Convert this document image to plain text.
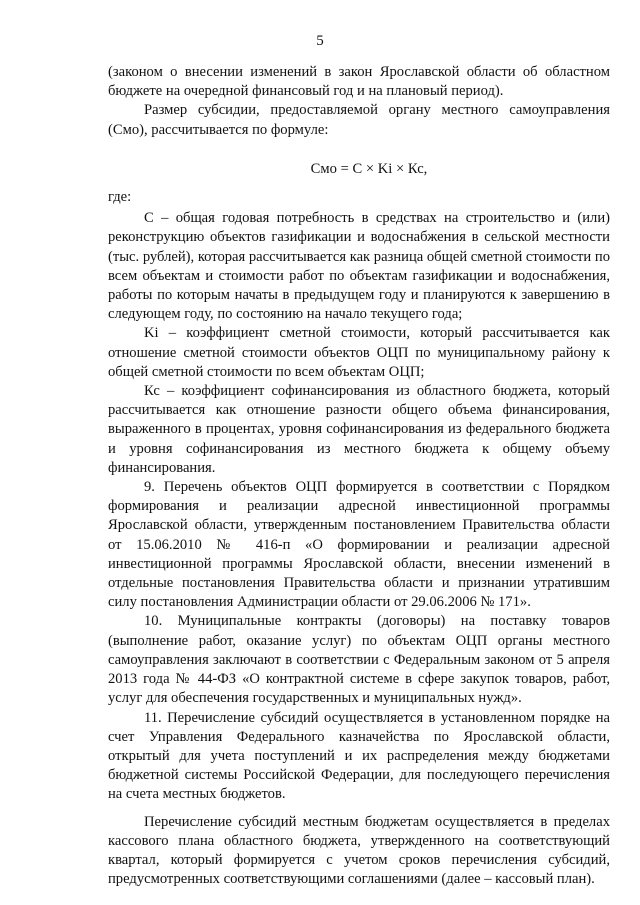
5

(законом о внесении изменений в закон Ярославской области об областном бюджете на очередной финансовый год и на плановый период).

Размер субсидии, предоставляемой органу местного самоуправления (Смо), рассчитывается по формуле:

Смо = С × Ki × Кс,

где:

С – общая годовая потребность в средствах на строительство и (или) реконструкцию объектов газификации и водоснабжения в сельской местности (тыс. рублей), которая рассчитывается как разница общей сметной стоимости по всем объектам и стоимости работ по объектам газификации и водоснабжения, работы по которым начаты в предыдущем году и планируются к завершению в следующем году, по состоянию на начало текущего года;

Ki – коэффициент сметной стоимости, который рассчитывается как отношение сметной стоимости объектов ОЦП по муниципальному району к общей сметной стоимости по всем объектам ОЦП;

Кс – коэффициент софинансирования из областного бюджета, который рассчитывается как отношение разности общего объема финансирования, выраженного в процентах, уровня софинансирования из федерального бюджета и уровня софинансирования из местного бюджета к общему объему финансирования.

9. Перечень объектов ОЦП формируется в соответствии с Порядком формирования и реализации адресной инвестиционной программы Ярославской области, утвержденным постановлением Правительства области от 15.06.2010 № 416-п «О формировании и реализации адресной инвестиционной программы Ярославской области, внесении изменений в отдельные постановления Правительства области и признании утратившим силу постановления Администрации области от 29.06.2006 № 171».

10. Муниципальные контракты (договоры) на поставку товаров (выполнение работ, оказание услуг) по объектам ОЦП органы местного самоуправления заключают в соответствии с Федеральным законом от 5 апреля 2013 года № 44-ФЗ «О контрактной системе в сфере закупок товаров, работ, услуг для обеспечения государственных и муниципальных нужд».

11. Перечисление субсидий осуществляется в установленном порядке на счет Управления Федерального казначейства по Ярославской области, открытый для учета поступлений и их распределения между бюджетами бюджетной системы Российской Федерации, для последующего перечисления на счета местных бюджетов.

Перечисление субсидий местным бюджетам осуществляется в пределах кассового плана областного бюджета, утвержденного на соответствующий квартал, который формируется с учетом сроков перечисления субсидий, предусмотренных соответствующими соглашениями (далее – кассовый план).
